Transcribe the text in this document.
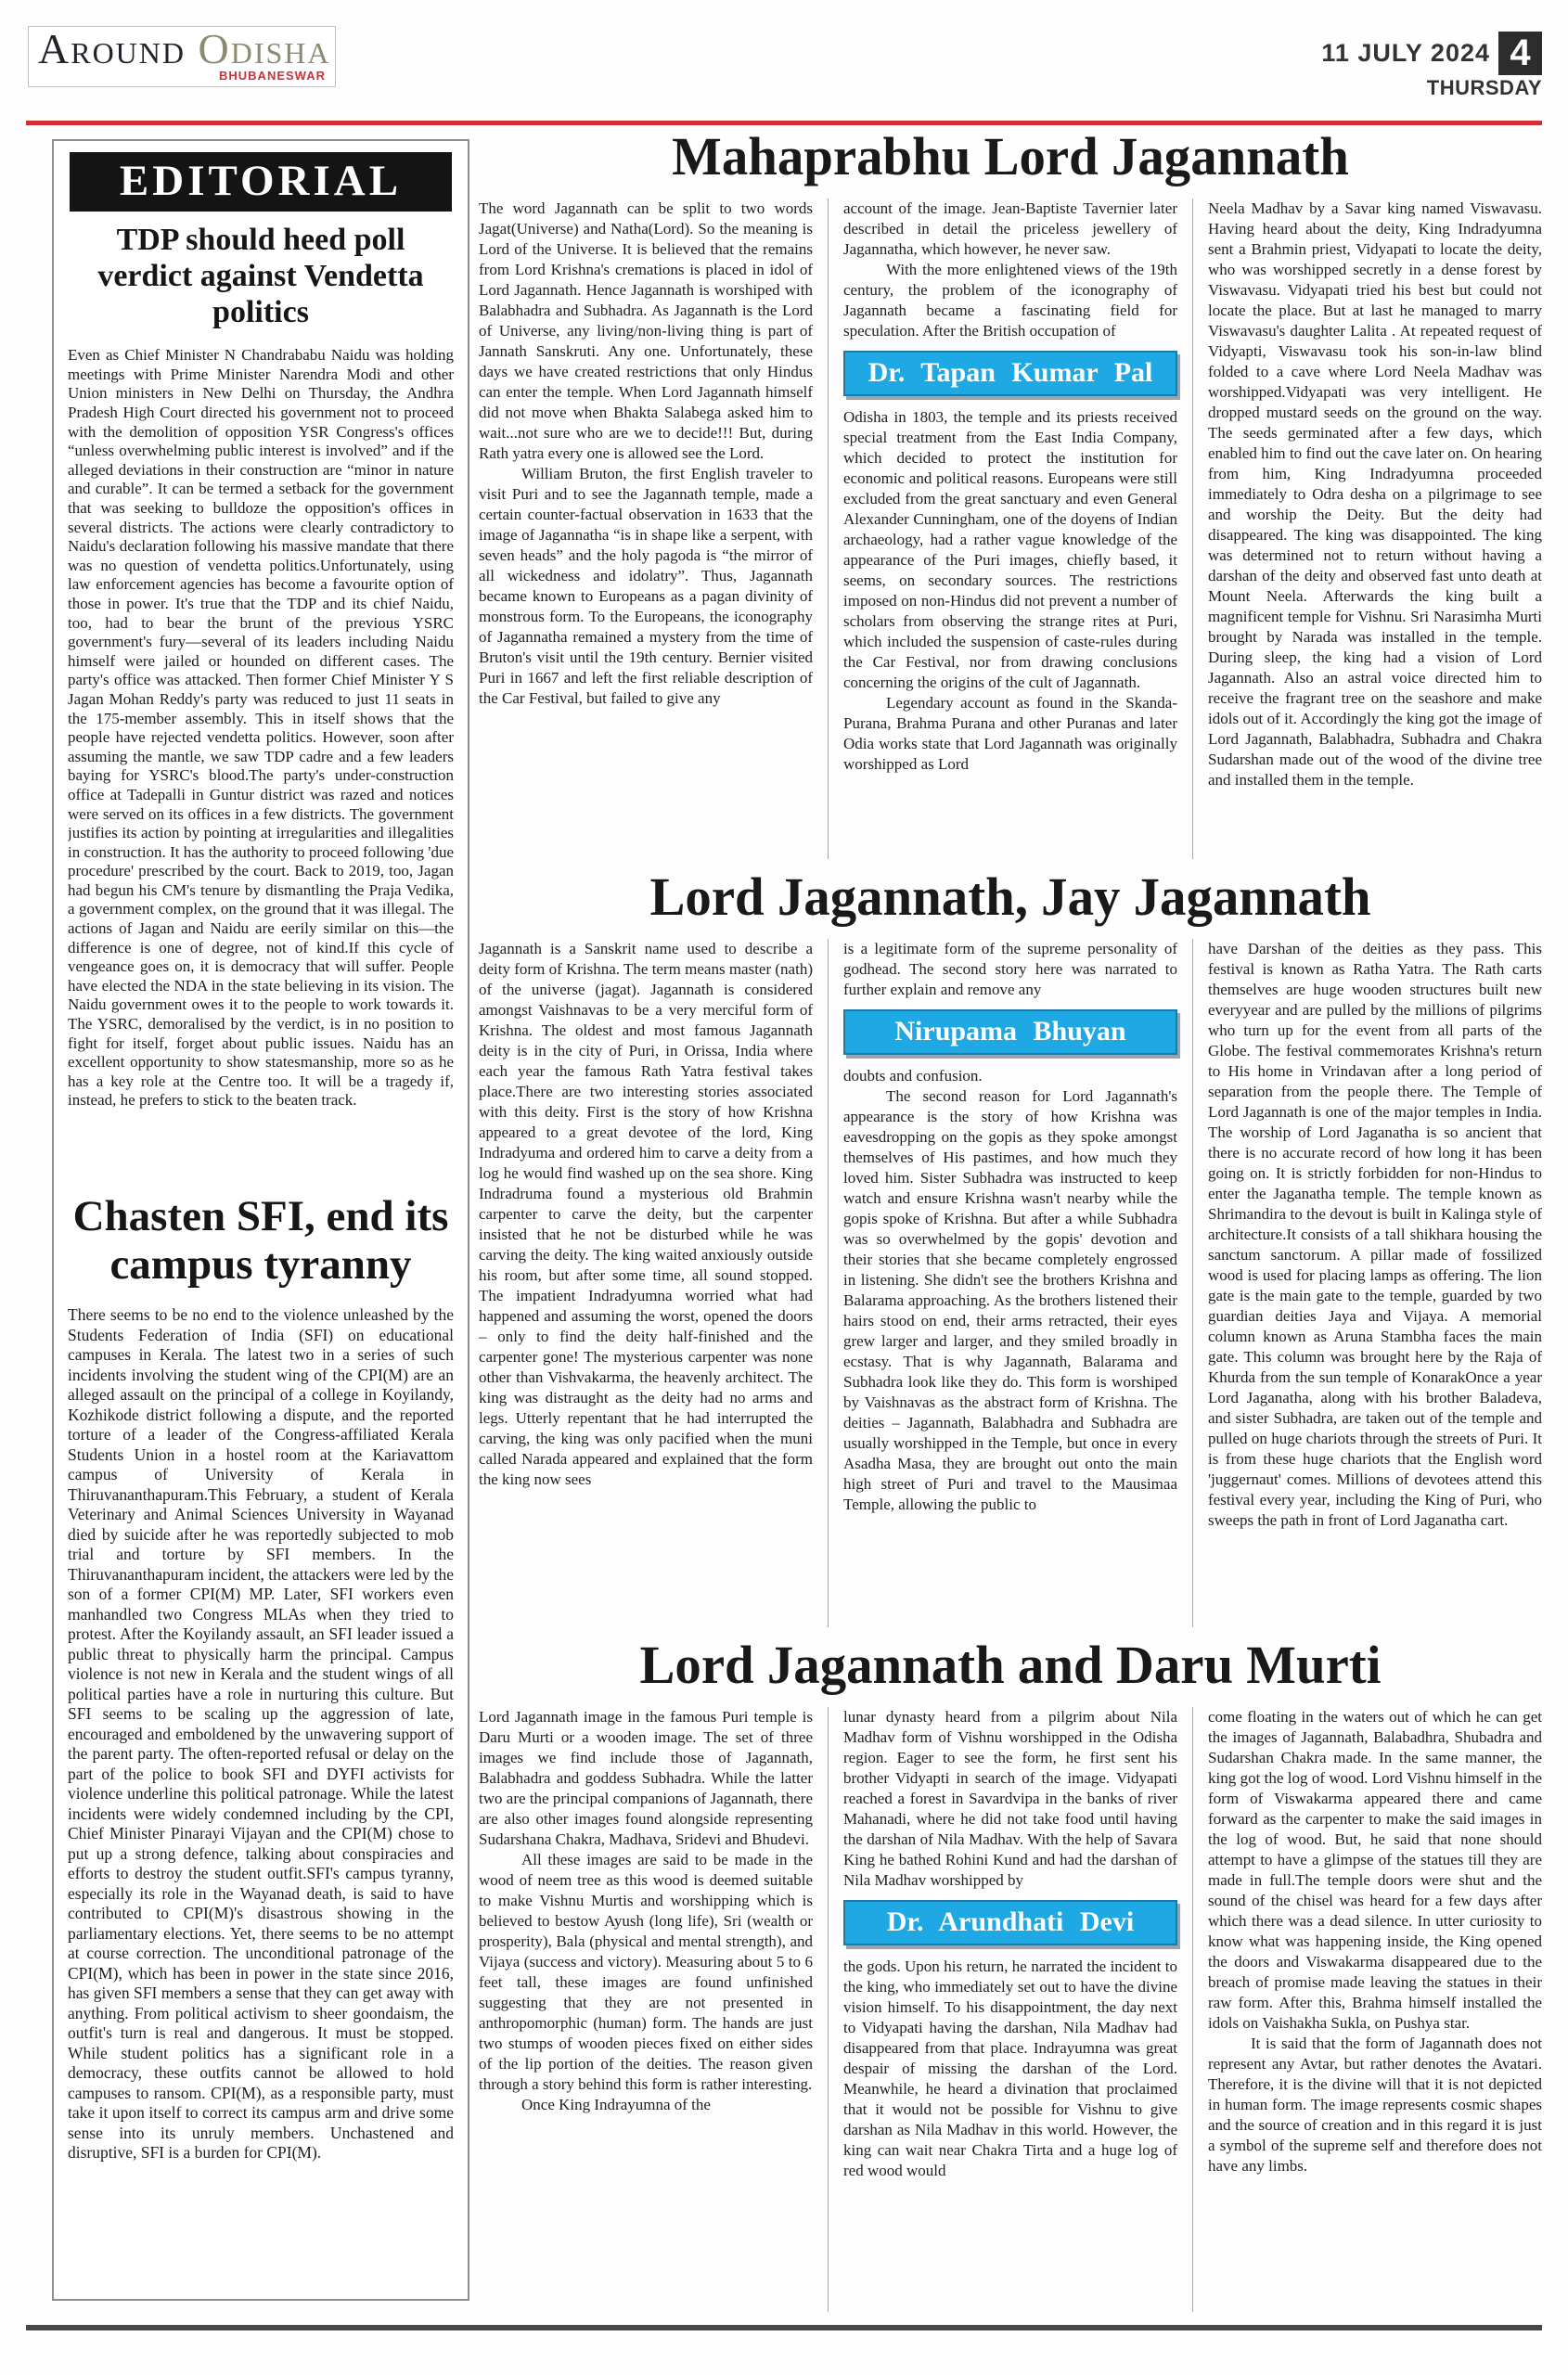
Around Odisha
BHUBANESWAR
11 JULY 2024 4
THURSDAY
EDITORIAL
TDP should heed poll verdict against Vendetta politics

Even as Chief Minister N Chandrababu Naidu was holding meetings with Prime Minister Narendra Modi and other Union ministers in New Delhi on Thursday, the Andhra Pradesh High Court directed his government not to proceed with the demolition of opposition YSR Congress's offices “unless overwhelming public interest is involved” and if the alleged deviations in their construction are “minor in nature and curable”. It can be termed a setback for the government that was seeking to bulldoze the opposition's offices in several districts. The actions were clearly contradictory to Naidu's declaration following his massive mandate that there was no question of vendetta politics.Unfortunately, using law enforcement agencies has become a favourite option of those in power. It's true that the TDP and its chief Naidu, too, had to bear the brunt of the previous YSRC government's fury—several of its leaders including Naidu himself were jailed or hounded on different cases. The party's office was attacked. Then former Chief Minister Y S Jagan Mohan Reddy's party was reduced to just 11 seats in the 175-member assembly. This in itself shows that the people have rejected vendetta politics. However, soon after assuming the mantle, we saw TDP cadre and a few leaders baying for YSRC's blood.The party's under-construction office at Tadepalli in Guntur district was razed and notices were served on its offices in a few districts. The government justifies its action by pointing at irregularities and illegalities in construction. It has the authority to proceed following 'due procedure' prescribed by the court. Back to 2019, too, Jagan had begun his CM's tenure by dismantling the Praja Vedika, a government complex, on the ground that it was illegal. The actions of Jagan and Naidu are eerily similar on this—the difference is one of degree, not of kind.If this cycle of vengeance goes on, it is democracy that will suffer. People have elected the NDA in the state believing in its vision. The Naidu government owes it to the people to work towards it. The YSRC, demoralised by the verdict, is in no position to fight for itself, forget about public issues. Naidu has an excellent opportunity to show statesmanship, more so as he has a key role at the Centre too. It will be a tragedy if, instead, he prefers to stick to the beaten track.

Chasten SFI, end its campus tyranny

There seems to be no end to the violence unleashed by the Students Federation of India (SFI) on educational campuses in Kerala. The latest two in a series of such incidents involving the student wing of the CPI(M) are an alleged assault on the principal of a college in Koyilandy, Kozhikode district following a dispute, and the reported torture of a leader of the Congress-affiliated Kerala Students Union in a hostel room at the Kariavattom campus of University of Kerala in Thiruvananthapuram.This February, a student of Kerala Veterinary and Animal Sciences University in Wayanad died by suicide after he was reportedly subjected to mob trial and torture by SFI members. In the Thiruvananthapuram incident, the attackers were led by the son of a former CPI(M) MP. Later, SFI workers even manhandled two Congress MLAs when they tried to protest. After the Koyilandy assault, an SFI leader issued a public threat to physically harm the principal. Campus violence is not new in Kerala and the student wings of all political parties have a role in nurturing this culture. But SFI seems to be scaling up the aggression of late, encouraged and emboldened by the unwavering support of the parent party. The often-reported refusal or delay on the part of the police to book SFI and DYFI activists for violence underline this political patronage. While the latest incidents were widely condemned including by the CPI, Chief Minister Pinarayi Vijayan and the CPI(M) chose to put up a strong defence, talking about conspiracies and efforts to destroy the student outfit.SFI's campus tyranny, especially its role in the Wayanad death, is said to have contributed to CPI(M)'s disastrous showing in the parliamentary elections. Yet, there seems to be no attempt at course correction. The unconditional patronage of the CPI(M), which has been in power in the state since 2016, has given SFI members a sense that they can get away with anything. From political activism to sheer goondaism, the outfit's turn is real and dangerous. It must be stopped. While student politics has a significant role in a democracy, these outfits cannot be allowed to hold campuses to ransom. CPI(M), as a responsible party, must take it upon itself to correct its campus arm and drive some sense into its unruly members. Unchastened and disruptive, SFI is a burden for CPI(M).

Mahaprabhu Lord Jagannath

The word Jagannath can be split to two words Jagat(Universe) and Natha(Lord). So the meaning is Lord of the Universe. It is believed that the remains from Lord Krishna's cremations is placed in idol of Lord Jagannath. Hence Jagannath is worshiped with Balabhadra and Subhadra. As Jagannath is the Lord of Universe, any living/non-living thing is part of Jannath Sanskruti. Any one. Unfortunately, these days we have created restrictions that only Hindus can enter the temple. When Lord Jagannath himself did not move when Bhakta Salabega asked him to wait...not sure who are we to decide!!! But, during Rath yatra every one is allowed see the Lord.

William Bruton, the first English traveler to visit Puri and to see the Jagannath temple, made a certain counter-factual observation in 1633 that the image of Jagannatha “is in shape like a serpent, with seven heads” and the holy pagoda is “the mirror of all wickedness and idolatry”. Thus, Jagannath became known to Europeans as a pagan divinity of monstrous form. To the Europeans, the iconography of Jagannatha remained a mystery from the time of Bruton's visit until the 19th century. Bernier visited Puri in 1667 and left the first reliable description of the Car Festival, but failed to give any

account of the image. Jean-Baptiste Tavernier later described in detail the priceless jewellery of Jagannatha, which however, he never saw.

With the more enlightened views of the 19th century, the problem of the iconography of Jagannath became a fascinating field for speculation. After the British occupation of

Dr. Tapan Kumar Pal

Odisha in 1803, the temple and its priests received special treatment from the East India Company, which decided to protect the institution for economic and political reasons. Europeans were still excluded from the great sanctuary and even General Alexander Cunningham, one of the doyens of Indian archaeology, had a rather vague knowledge of the appearance of the Puri images, chiefly based, it seems, on secondary sources. The restrictions imposed on non-Hindus did not prevent a number of scholars from observing the strange rites at Puri, which included the suspension of caste-rules during the Car Festival, nor from drawing conclusions concerning the origins of the cult of Jagannath.

Legendary account as found in the Skanda-Purana, Brahma Purana and other Puranas and later Odia works state that Lord Jagannath was originally worshipped as Lord

Neela Madhav by a Savar king named Viswavasu. Having heard about the deity, King Indradyumna sent a Brahmin priest, Vidyapati to locate the deity, who was worshipped secretly in a dense forest by Viswavasu. Vidyapati tried his best but could not locate the place. But at last he managed to marry Viswavasu's daughter Lalita . At repeated request of Vidyapti, Viswavasu took his son-in-law blind folded to a cave where Lord Neela Madhav was worshipped.Vidyapati was very intelligent. He dropped mustard seeds on the ground on the way. The seeds germinated after a few days, which enabled him to find out the cave later on. On hearing from him, King Indradyumna proceeded immediately to Odra desha on a pilgrimage to see and worship the Deity. But the deity had disappeared. The king was disappointed. The king was determined not to return without having a darshan of the deity and observed fast unto death at Mount Neela. Afterwards the king built a magnificent temple for Vishnu. Sri Narasimha Murti brought by Narada was installed in the temple. During sleep, the king had a vision of Lord Jagannath. Also an astral voice directed him to receive the fragrant tree on the seashore and make idols out of it. Accordingly the king got the image of Lord Jagannath, Balabhadra, Subhadra and Chakra Sudarshan made out of the wood of the divine tree and installed them in the temple.

Lord Jagannath, Jay Jagannath

Jagannath is a Sanskrit name used to describe a deity form of Krishna. The term means master (nath) of the universe (jagat). Jagannath is considered amongst Vaishnavas to be a very merciful form of Krishna. The oldest and most famous Jagannath deity is in the city of Puri, in Orissa, India where each year the famous Rath Yatra festival takes place.There are two interesting stories associated with this deity. First is the story of how Krishna appeared to a great devotee of the lord, King Indradyuma and ordered him to carve a deity from a log he would find washed up on the sea shore. King Indradruma found a mysterious old Brahmin carpenter to carve the deity, but the carpenter insisted that he not be disturbed while he was carving the deity. The king waited anxiously outside his room, but after some time, all sound stopped. The impatient Indradyumna worried what had happened and assuming the worst, opened the doors – only to find the deity half-finished and the carpenter gone! The mysterious carpenter was none other than Vishvakarma, the heavenly architect. The king was distraught as the deity had no arms and legs. Utterly repentant that he had interrupted the carving, the king was only pacified when the muni called Narada appeared and explained that the form the king now sees

is a legitimate form of the supreme personality of godhead. The second story here was narrated to further explain and remove any

Nirupama Bhuyan

doubts and confusion.

The second reason for Lord Jagannath's appearance is the story of how Krishna was eavesdropping on the gopis as they spoke amongst themselves of His pastimes, and how much they loved him. Sister Subhadra was instructed to keep watch and ensure Krishna wasn't nearby while the gopis spoke of Krishna. But after a while Subhadra was so overwhelmed by the gopis' devotion and their stories that she became completely engrossed in listening. She didn't see the brothers Krishna and Balarama approaching. As the brothers listened their hairs stood on end, their arms retracted, their eyes grew larger and larger, and they smiled broadly in ecstasy. That is why Jagannath, Balarama and Subhadra look like they do. This form is worshiped by Vaishnavas as the abstract form of Krishna. The deities – Jagannath, Balabhadra and Subhadra are usually worshipped in the Temple, but once in every Asadha Masa, they are brought out onto the main high street of Puri and travel to the Mausimaa Temple, allowing the public to

have Darshan of the deities as they pass. This festival is known as Ratha Yatra. The Rath carts themselves are huge wooden structures built new everyyear and are pulled by the millions of pilgrims who turn up for the event from all parts of the Globe. The festival commemorates Krishna's return to His home in Vrindavan after a long period of separation from the people there. The Temple of Lord Jagannath is one of the major temples in India. The worship of Lord Jaganatha is so ancient that there is no accurate record of how long it has been going on. It is strictly forbidden for non-Hindus to enter the Jaganatha temple. The temple known as Shrimandira to the devout is built in Kalinga style of architecture.It consists of a tall shikhara housing the sanctum sanctorum. A pillar made of fossilized wood is used for placing lamps as offering. The lion gate is the main gate to the temple, guarded by two guardian deities Jaya and Vijaya. A memorial column known as Aruna Stambha faces the main gate. This column was brought here by the Raja of Khurda from the sun temple of KonarakOnce a year Lord Jaganatha, along with his brother Baladeva, and sister Subhadra, are taken out of the temple and pulled on huge chariots through the streets of Puri. It is from these huge chariots that the English word 'juggernaut' comes. Millions of devotees attend this festival every year, including the King of Puri, who sweeps the path in front of Lord Jaganatha cart.

Lord Jagannath and Daru Murti

Lord Jagannath image in the famous Puri temple is Daru Murti or a wooden image. The set of three images we find include those of Jagannath, Balabhadra and goddess Subhadra. While the latter two are the principal companions of Jagannath, there are also other images found alongside representing Sudarshana Chakra, Madhava, Sridevi and Bhudevi.

All these images are said to be made in the wood of neem tree as this wood is deemed suitable to make Vishnu Murtis and worshipping which is believed to bestow Ayush (long life), Sri (wealth or prosperity), Bala (physical and mental strength), and Vijaya (success and victory). Measuring about 5 to 6 feet tall, these images are found unfinished suggesting that they are not presented in anthropomorphic (human) form. The hands are just two stumps of wooden pieces fixed on either sides of the lip portion of the deities. The reason given through a story behind this form is rather interesting.

Once King Indrayumna of the

lunar dynasty heard from a pilgrim about Nila Madhav form of Vishnu worshipped in the Odisha region. Eager to see the form, he first sent his brother Vidyapti in search of the image. Vidyapati reached a forest in Savardvipa in the banks of river Mahanadi, where he did not take food until having the darshan of Nila Madhav. With the help of Savara King he bathed Rohini Kund and had the darshan of Nila Madhav worshipped by

Dr. Arundhati Devi

the gods. Upon his return, he narrated the incident to the king, who immediately set out to have the divine vision himself. To his disappointment, the day next to Vidyapati having the darshan, Nila Madhav had disappeared from that place. Indrayumna was great despair of missing the darshan of the Lord. Meanwhile, he heard a divination that proclaimed that it would not be possible for Vishnu to give darshan as Nila Madhav in this world. However, the king can wait near Chakra Tirta and a huge log of red wood would

come floating in the waters out of which he can get the images of Jagannath, Balabadhra, Shubadra and Sudarshan Chakra made. In the same manner, the king got the log of wood. Lord Vishnu himself in the form of Viswakarma appeared there and came forward as the carpenter to make the said images in the log of wood. But, he said that none should attempt to have a glimpse of the statues till they are made in full.The temple doors were shut and the sound of the chisel was heard for a few days after which there was a dead silence. In utter curiosity to know what was happening inside, the King opened the doors and Viswakarma disappeared due to the breach of promise made leaving the statues in their raw form. After this, Brahma himself installed the idols on Vaishakha Sukla, on Pushya star.

It is said that the form of Jagannath does not represent any Avtar, but rather denotes the Avatari. Therefore, it is the divine will that it is not depicted in human form. The image represents cosmic shapes and the source of creation and in this regard it is just a symbol of the supreme self and therefore does not have any limbs.
